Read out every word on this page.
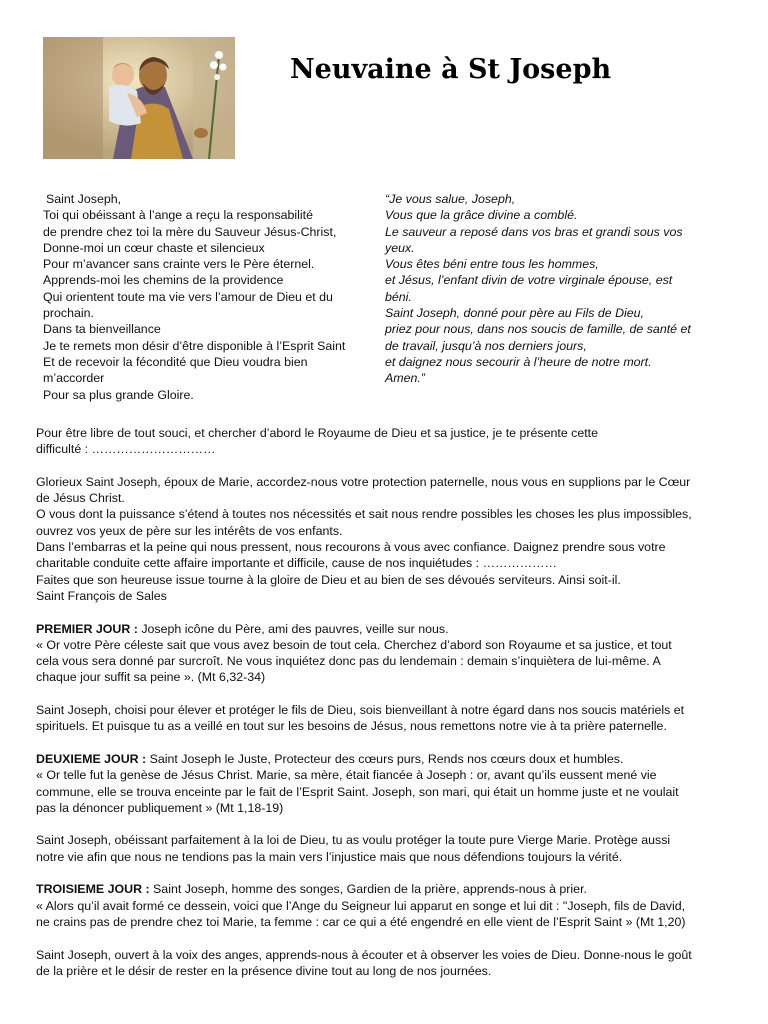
Neuvaine à St Joseph
Saint Joseph,
Toi qui obéissant à l’ange a reçu la responsabilité
de prendre chez toi la mère du Sauveur Jésus-Christ,
Donne-moi un cœur chaste et silencieux
Pour m’avancer sans crainte vers le Père éternel.
Apprends-moi les chemins de la providence
Qui orientent toute ma vie vers l’amour de Dieu et du
prochain.
Dans ta bienveillance
Je te remets mon désir d’être disponible à l’Esprit Saint
Et de recevoir la fécondité que Dieu voudra bien
m’accorder
Pour sa plus grande Gloire.
“Je vous salue, Joseph,
Vous que la grâce divine a comblé.
Le sauveur a reposé dans vos bras et grandi sous vos
yeux.
Vous êtes béni entre tous les hommes,
et Jésus, l’enfant divin de votre virginale épouse, est
béni.
Saint Joseph, donné pour père au Fils de Dieu,
priez pour nous, dans nos soucis de famille, de santé et
de travail, jusqu’à nos derniers jours,
et daignez nous secourir à l’heure de notre mort.
Amen.”

Pour être libre de tout souci, et chercher d’abord le Royaume de Dieu et sa justice, je te présente cette

difficulté : …………………………

Glorieux Saint Joseph, époux de Marie, accordez-nous votre protection paternelle, nous vous en supplions par le Cœur

de Jésus Christ.

O vous dont la puissance s’étend à toutes nos nécessités et sait nous rendre possibles les choses les plus impossibles,

ouvrez vos yeux de père sur les intérêts de vos enfants.

Dans l’embarras et la peine qui nous pressent, nous recourons à vous avec confiance. Daignez prendre sous votre

charitable conduite cette affaire importante et difficile, cause de nos inquiétudes : ………………

Faites que son heureuse issue tourne à la gloire de Dieu et au bien de ses dévoués serviteurs. Ainsi soit-il.

Saint François de Sales

PREMIER JOUR : Joseph icône du Père, ami des pauvres, veille sur nous.

« Or votre Père céleste sait que vous avez besoin de tout cela. Cherchez d’abord son Royaume et sa justice, et tout

cela vous sera donné par surcroît. Ne vous inquiétez donc pas du lendemain : demain s’inquiètera de lui-même. A

chaque jour suffit sa peine ». (Mt 6,32-34)

Saint Joseph, choisi pour élever et protéger le fils de Dieu, sois bienveillant à notre égard dans nos soucis matériels et

spirituels. Et puisque tu as a veillé en tout sur les besoins de Jésus, nous remettons notre vie à ta prière paternelle.

DEUXIEME JOUR : Saint Joseph le Juste, Protecteur des cœurs purs, Rends nos cœurs doux et humbles.

« Or telle fut la genèse de Jésus Christ. Marie, sa mère, était fiancée à Joseph : or, avant qu’ils eussent mené vie

commune, elle se trouva enceinte par le fait de l’Esprit Saint. Joseph, son mari, qui était un homme juste et ne voulait

pas la dénoncer publiquement » (Mt 1,18-19)

Saint Joseph, obéissant parfaitement à la loi de Dieu, tu as voulu protéger la toute pure Vierge Marie. Protège aussi

notre vie afin que nous ne tendions pas la main vers l’injustice mais que nous défendions toujours la vérité.

TROISIEME JOUR : Saint Joseph, homme des songes, Gardien de la prière, apprends-nous à prier.

« Alors qu’il avait formé ce dessein, voici que l’Ange du Seigneur lui apparut en songe et lui dit : "Joseph, fils de David,

ne crains pas de prendre chez toi Marie, ta femme : car ce qui a été engendré en elle vient de l’Esprit Saint » (Mt 1,20)

Saint Joseph, ouvert à la voix des anges, apprends-nous à écouter et à observer les voies de Dieu. Donne-nous le goût

de la prière et le désir de rester en la présence divine tout au long de nos journées.
